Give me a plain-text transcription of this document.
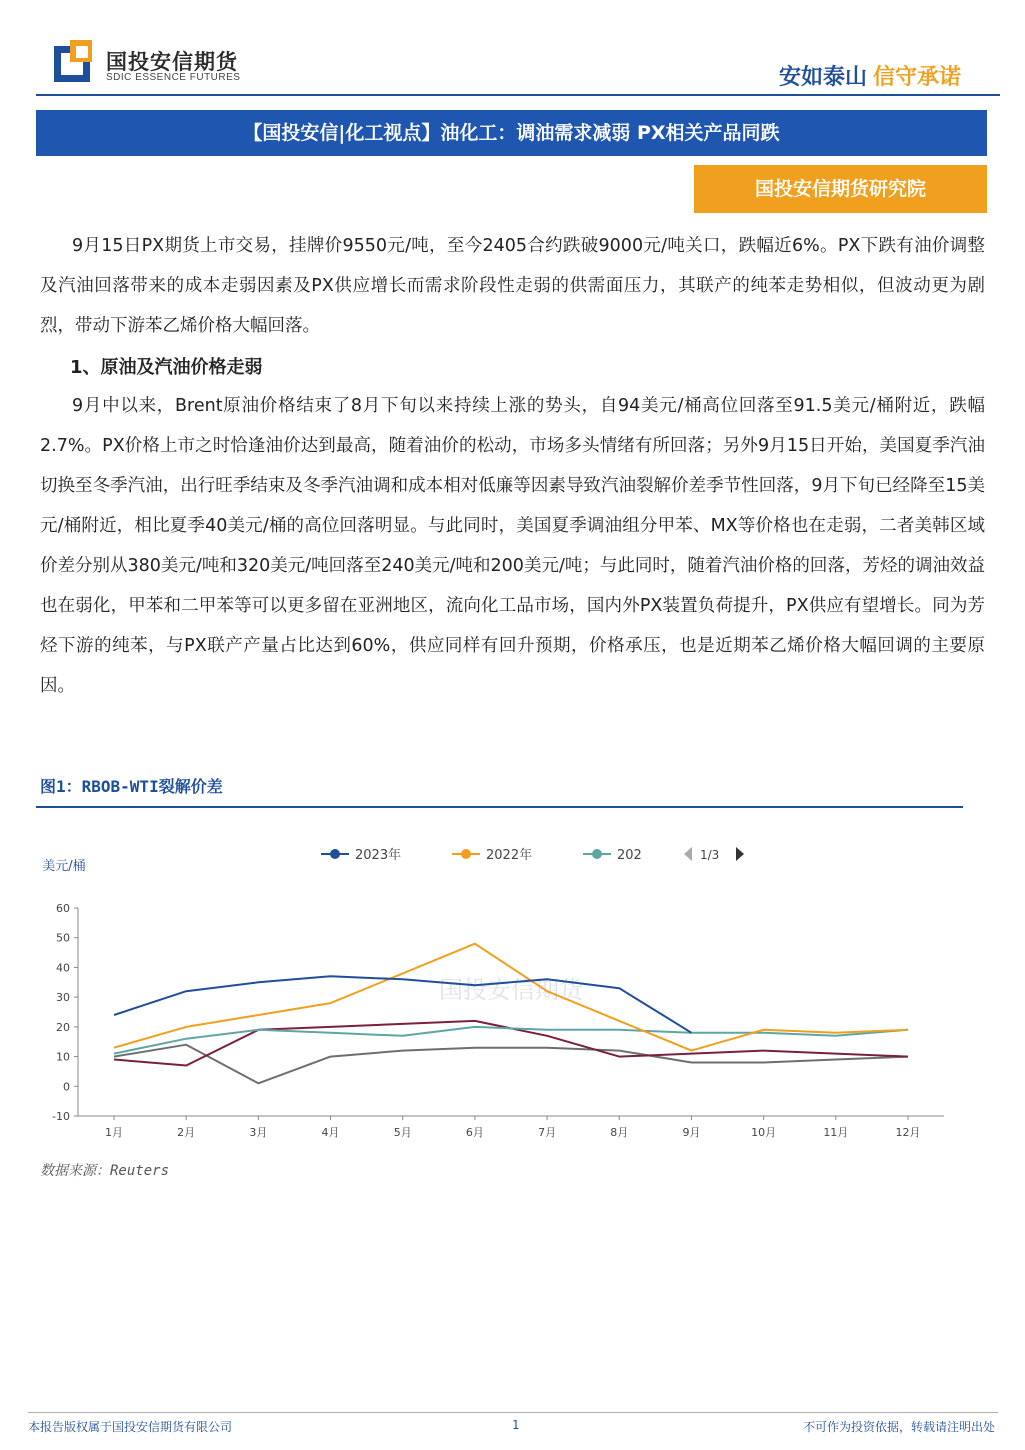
国投安信期货
SDIC ESSENCE FUTURES	安如泰山 信守承诺
【国投安信|化工视点】油化工：调油需求减弱 PX相关产品同跌
国投安信期货研究院
9月15日PX期货上市交易，挂牌价9550元/吨，至今2405合约跌破9000元/吨关口，跌幅近6%。PX下跌有油价调整及汽油回落带来的成本走弱因素及PX供应增长而需求阶段性走弱的供需面压力，其联产的纯苯走势相似，但波动更为剧烈，带动下游苯乙烯价格大幅回落。
1、原油及汽油价格走弱
9月中以来，Brent原油价格结束了8月下旬以来持续上涨的势头，自94美元/桶高位回落至91.5美元/桶附近，跌幅2.7%。PX价格上市之时恰逢油价达到最高，随着油价的松动，市场多头情绪有所回落；另外9月15日开始，美国夏季汽油切换至冬季汽油，出行旺季结束及冬季汽油调和成本相对低廉等因素导致汽油裂解价差季节性回落，9月下旬已经降至15美元/桶附近，相比夏季40美元/桶的高位回落明显。与此同时，美国夏季调油组分甲苯、MX等价格也在走弱，二者美韩区域价差分别从380美元/吨和320美元/吨回落至240美元/吨和200美元/吨；与此同时，随着汽油价格的回落，芳烃的调油效益也在弱化，甲苯和二甲苯等可以更多留在亚洲地区，流向化工品市场，国内外PX装置负荷提升，PX供应有望增长。同为芳烃下游的纯苯，与PX联产产量占比达到60%，供应同样有回升预期，价格承压，也是近期苯乙烯价格大幅回调的主要原因。
图1：RBOB-WTI裂解价差
国投安信期货
美元/桶
-10
0
10
20
30
40
50
60
1月	2月	3月	4月	5月	6月	7月	8月	9月	10月	11月	12月
2023年	2022年	202	1/3
数据来源：Reuters
本报告版权属于国投安信期货有限公司	1	不可作为投资依据，转载请注明出处
